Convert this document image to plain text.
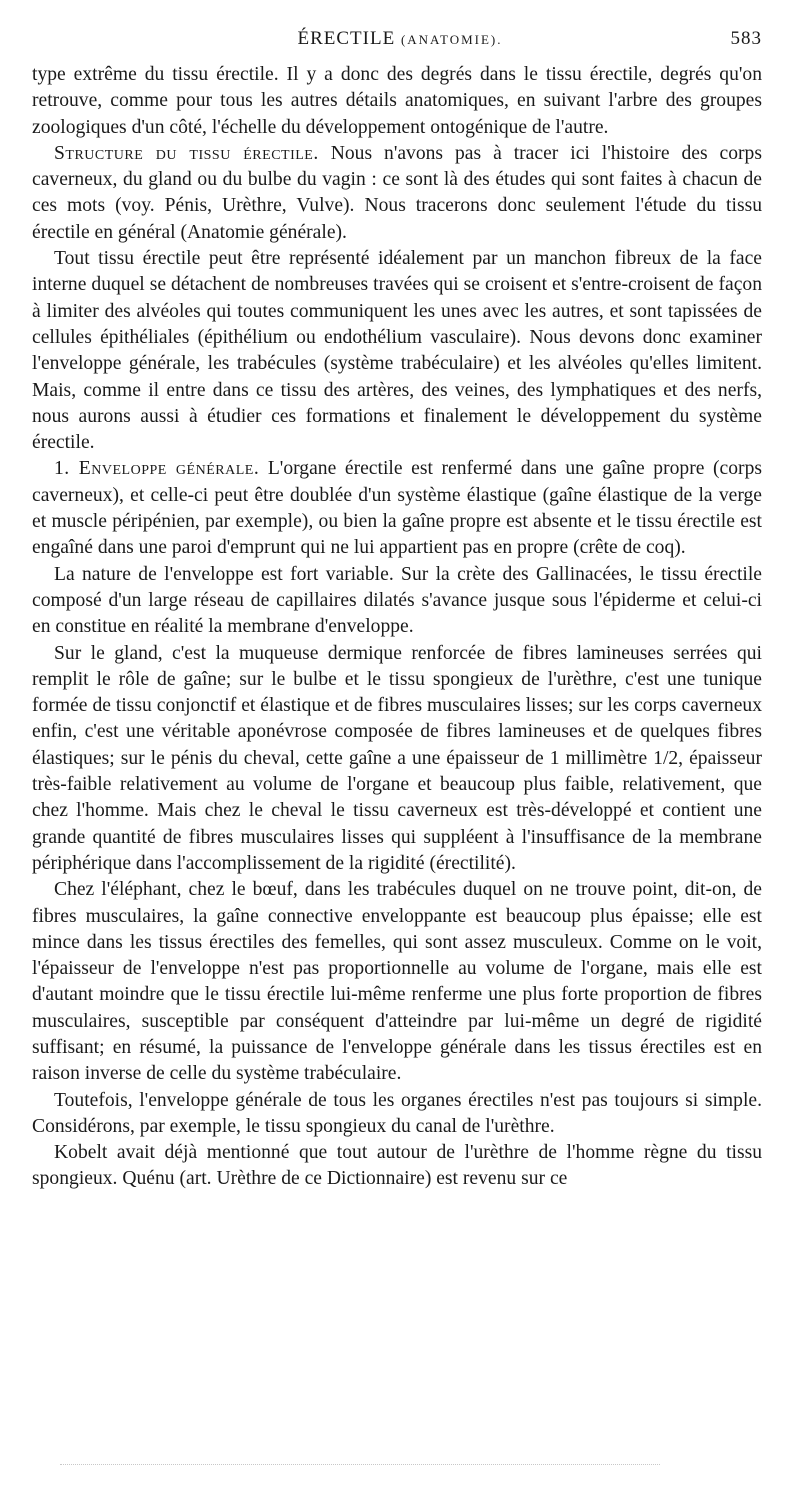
ÉRECTILE (ANATOMIE).	583

type extrême du tissu érectile. Il y a donc des degrés dans le tissu érectile, degrés qu'on retrouve, comme pour tous les autres détails anatomiques, en suivant l'arbre des groupes zoologiques d'un côté, l'échelle du développement ontogénique de l'autre.

Structure du tissu érectile. Nous n'avons pas à tracer ici l'histoire des corps caverneux, du gland ou du bulbe du vagin : ce sont là des études qui sont faites à chacun de ces mots (voy. Pénis, Urèthre, Vulve). Nous tracerons donc seulement l'étude du tissu érectile en général (Anatomie générale).

Tout tissu érectile peut être représenté idéalement par un manchon fibreux de la face interne duquel se détachent de nombreuses travées qui se croisent et s'entre-croisent de façon à limiter des alvéoles qui toutes communiquent les unes avec les autres, et sont tapissées de cellules épithéliales (épithélium ou endothélium vasculaire). Nous devons donc examiner l'enveloppe générale, les trabécules (système trabéculaire) et les alvéoles qu'elles limitent. Mais, comme il entre dans ce tissu des artères, des veines, des lymphatiques et des nerfs, nous aurons aussi à étudier ces formations et finalement le développement du système érectile.

1. Enveloppe générale. L'organe érectile est renfermé dans une gaîne propre (corps caverneux), et celle-ci peut être doublée d'un système élastique (gaîne élastique de la verge et muscle péripénien, par exemple), ou bien la gaîne propre est absente et le tissu érectile est engaîné dans une paroi d'emprunt qui ne lui appartient pas en propre (crête de coq).

La nature de l'enveloppe est fort variable. Sur la crète des Gallinacées, le tissu érectile composé d'un large réseau de capillaires dilatés s'avance jusque sous l'épiderme et celui-ci en constitue en réalité la membrane d'enveloppe.

Sur le gland, c'est la muqueuse dermique renforcée de fibres lamineuses serrées qui remplit le rôle de gaîne; sur le bulbe et le tissu spongieux de l'urèthre, c'est une tunique formée de tissu conjonctif et élastique et de fibres musculaires lisses; sur les corps caverneux enfin, c'est une véritable aponévrose composée de fibres lamineuses et de quelques fibres élastiques; sur le pénis du cheval, cette gaîne a une épaisseur de 1 millimètre 1/2, épaisseur très-faible relativement au volume de l'organe et beaucoup plus faible, relativement, que chez l'homme. Mais chez le cheval le tissu caverneux est très-développé et contient une grande quantité de fibres musculaires lisses qui suppléent à l'insuffisance de la membrane périphérique dans l'accomplissement de la rigidité (érectilité).

Chez l'éléphant, chez le bœuf, dans les trabécules duquel on ne trouve point, dit-on, de fibres musculaires, la gaîne connective enveloppante est beaucoup plus épaisse; elle est mince dans les tissus érectiles des femelles, qui sont assez musculeux. Comme on le voit, l'épaisseur de l'enveloppe n'est pas proportionnelle au volume de l'organe, mais elle est d'autant moindre que le tissu érectile lui-même renferme une plus forte proportion de fibres musculaires, susceptible par conséquent d'atteindre par lui-même un degré de rigidité suffisant; en résumé, la puissance de l'enveloppe générale dans les tissus érectiles est en raison inverse de celle du système trabéculaire.

Toutefois, l'enveloppe générale de tous les organes érectiles n'est pas toujours si simple. Considérons, par exemple, le tissu spongieux du canal de l'urèthre.

Kobelt avait déjà mentionné que tout autour de l'urèthre de l'homme règne du tissu spongieux. Quénu (art. Urèthre de ce Dictionnaire) est revenu sur ce
